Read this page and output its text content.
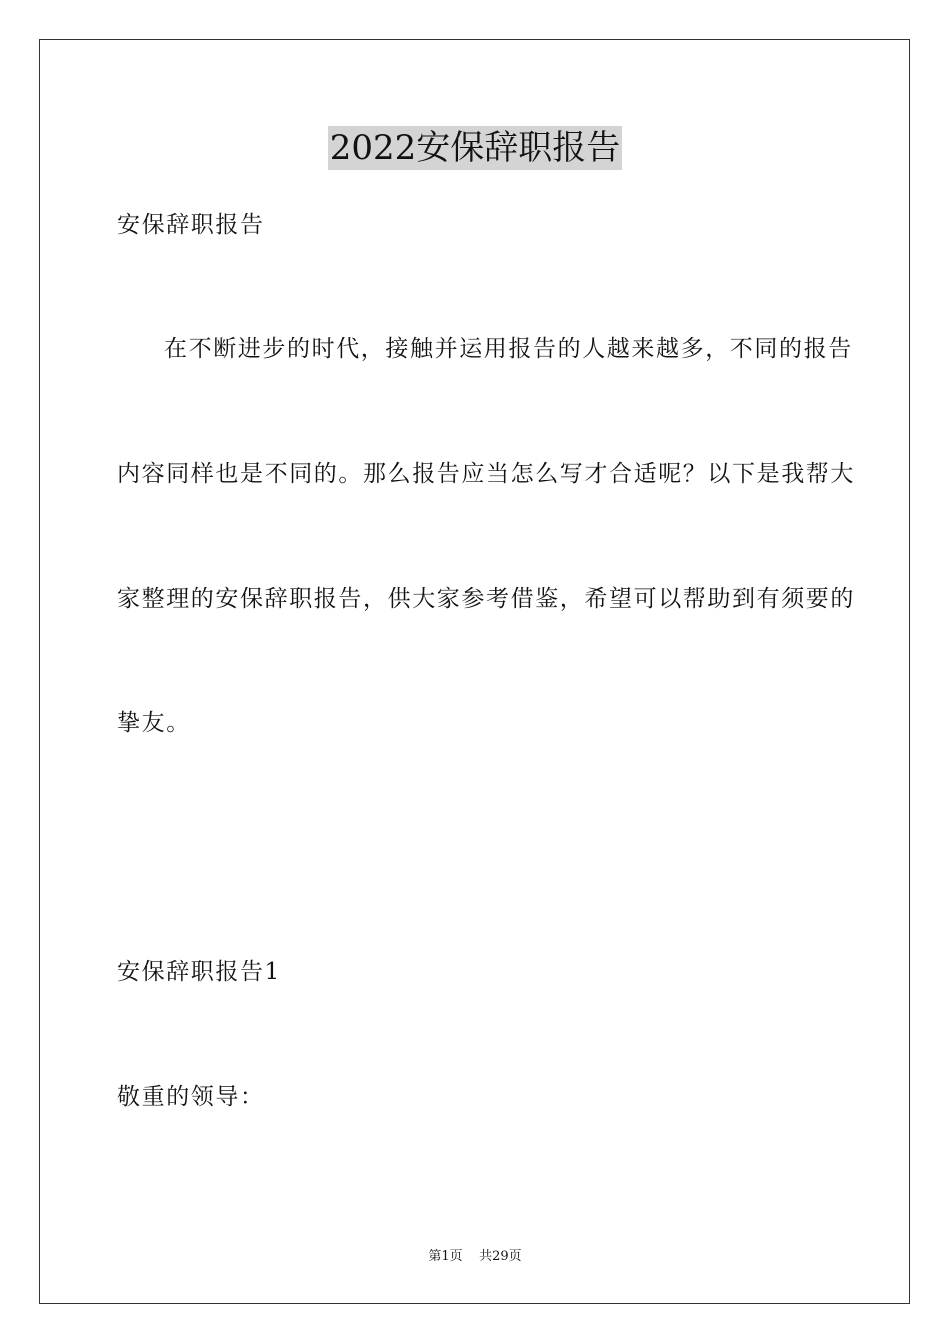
2022安保辞职报告
安保辞职报告
在不断进步的时代，接触并运用报告的人越来越多，不同的报告
内容同样也是不同的。那么报告应当怎么写才合适呢？以下是我帮大
家整理的安保辞职报告，供大家参考借鉴，希望可以帮助到有须要的
挚友。
安保辞职报告1
敬重的领导：
第1页    共29页
